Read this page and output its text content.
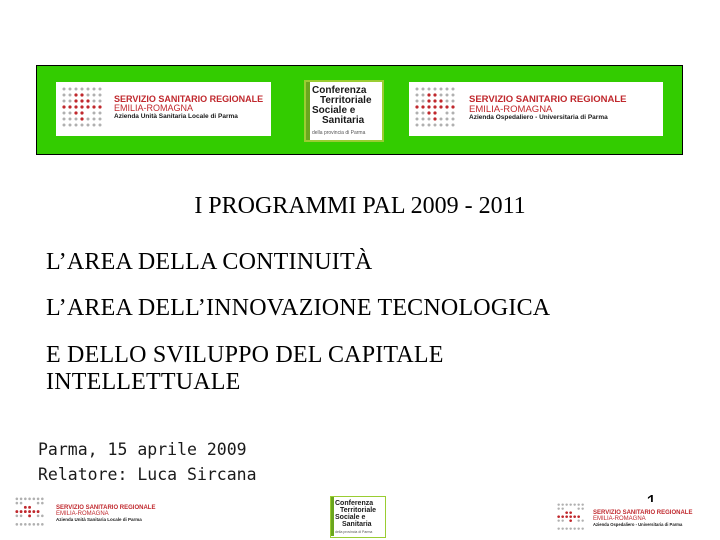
SERVIZIO SANITARIO REGIONALE
EMILIA-ROMAGNA
Azienda Unità Sanitaria Locale di Parma
Conferenza
Territoriale
Sociale e
Sanitaria
della provincia di Parma
SERVIZIO SANITARIO REGIONALE
EMILIA-ROMAGNA
Azienda Ospedaliero - Universitaria di Parma
I PROGRAMMI PAL 2009 - 2011
L’AREA DELLA CONTINUITÀ
L’AREA DELL’INNOVAZIONE TECNOLOGICA
E DELLO SVILUPPO DEL CAPITALE
INTELLETTUALE
Parma, 15 aprile 2009
Relatore: Luca Sircana
SERVIZIO SANITARIO REGIONALE
EMILIA-ROMAGNA
Azienda Unità Sanitaria Locale di Parma
Conferenza
Territoriale
Sociale e
Sanitaria
della provincia di Parma
SERVIZIO SANITARIO REGIONALE
EMILIA-ROMAGNA
Azienda Ospedaliero - Universitaria di Parma
